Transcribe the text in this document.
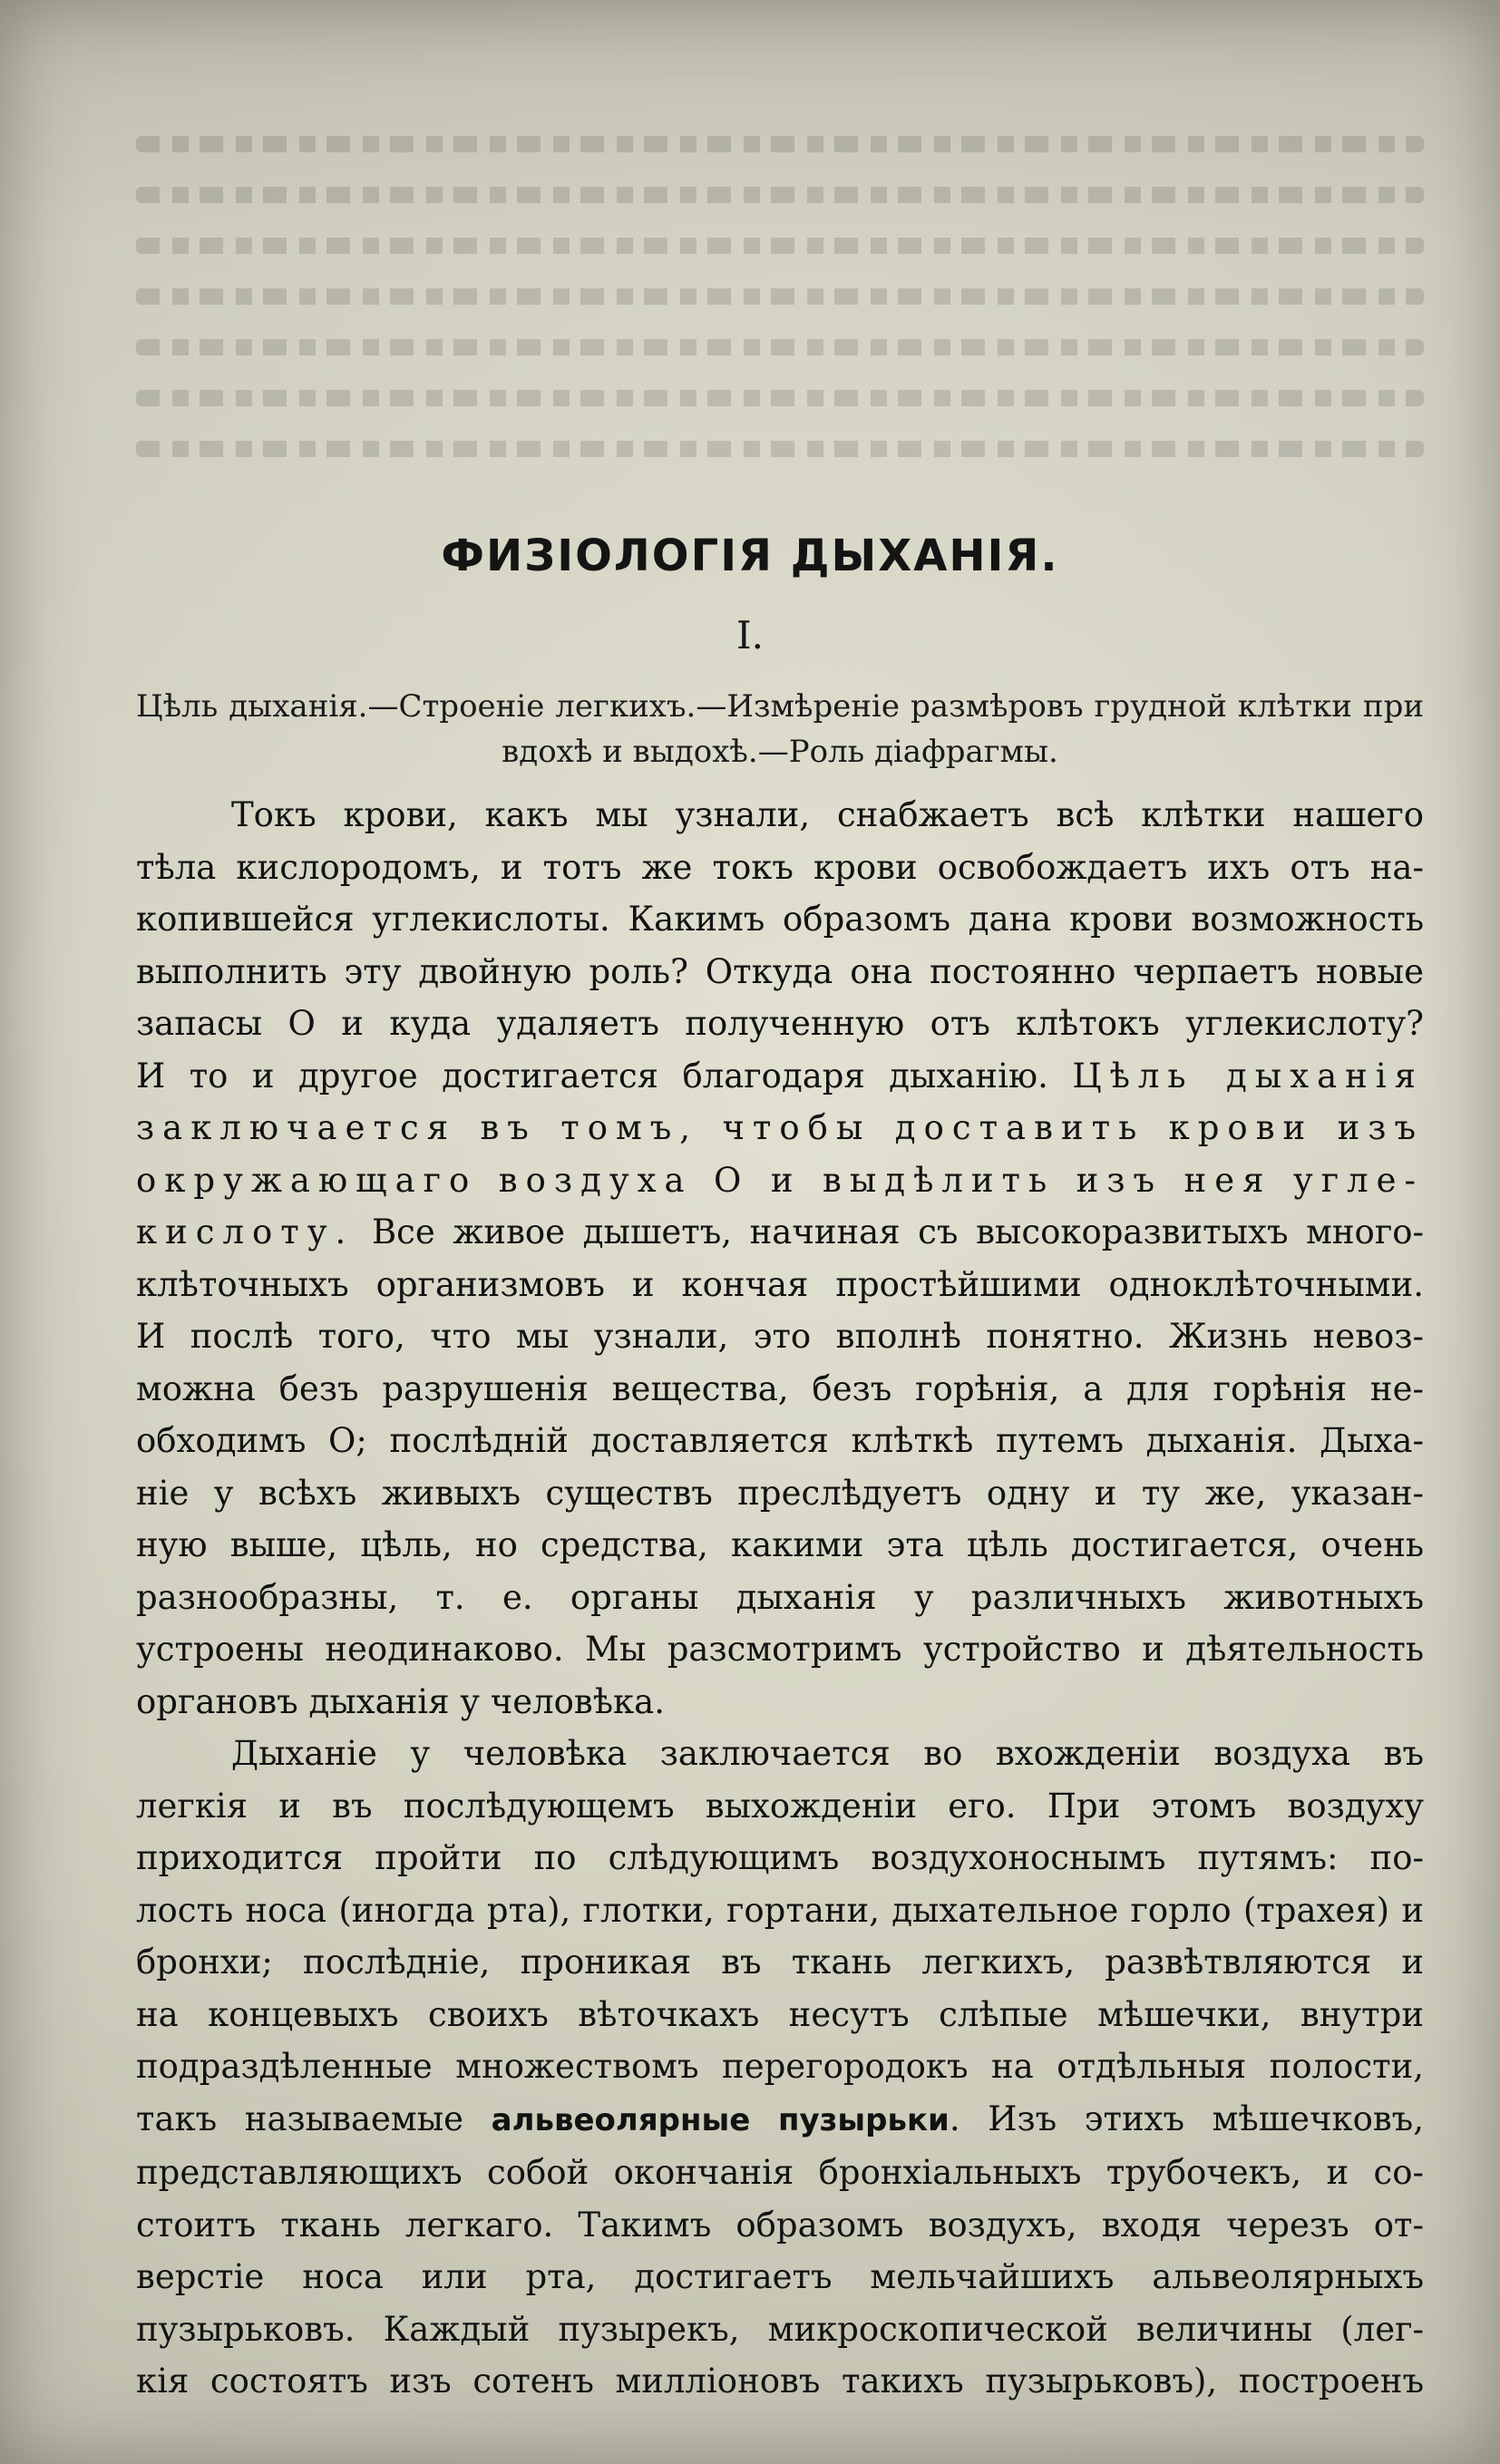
ФИЗІОЛОГІЯ ДЫХАНІЯ.
I.
Цѣль дыханія.—Строеніе легкихъ.—Измѣреніе размѣровъ грудной клѣтки при
вдохѣ и выдохѣ.—Роль діафрагмы.
Токъ крови, какъ мы узнали, снабжаетъ всѣ клѣтки нашего
тѣла кислородомъ, и тотъ же токъ крови освобождаетъ ихъ отъ на-
копившейся углекислоты. Какимъ образомъ дана крови возможность
выполнить эту двойную роль? Откуда она постоянно черпаетъ новые
запасы О и куда удаляетъ полученную отъ клѣтокъ углекислоту?
И то и другое достигается благодаря дыханію. Цѣль дыханія
заключается въ томъ, чтобы доставить крови изъ
окружающаго воздуха О и выдѣлить изъ нея угле-
кислоту. Все живое дышетъ, начиная съ высокоразвитыхъ много-
клѣточныхъ организмовъ и кончая простѣйшими одноклѣточными.
И послѣ того, что мы узнали, это вполнѣ понятно. Жизнь невоз-
можна безъ разрушенія вещества, безъ горѣнія, а для горѣнія не-
обходимъ О; послѣдній доставляется клѣткѣ путемъ дыханія. Дыха-
ніе у всѣхъ живыхъ существъ преслѣдуетъ одну и ту же, указан-
ную выше, цѣль, но средства, какими эта цѣль достигается, очень
разнообразны, т. е. органы дыханія у различныхъ животныхъ
устроены неодинаково. Мы разсмотримъ устройство и дѣятельность
органовъ дыханія у человѣка.
Дыханіе у человѣка заключается во вхожденіи воздуха въ
легкія и въ послѣдующемъ выхожденіи его. При этомъ воздуху
приходится пройти по слѣдующимъ воздухоноснымъ путямъ: по-
лость носа (иногда рта), глотки, гортани, дыхательное горло (трахея) и
бронхи; послѣдніе, проникая въ ткань легкихъ, развѣтвляются и
на концевыхъ своихъ вѣточкахъ несутъ слѣпые мѣшечки, внутри
подраздѣленные множествомъ перегородокъ на отдѣльныя полости,
такъ называемые альвеолярные пузырьки. Изъ этихъ мѣшечковъ,
представляющихъ собой окончанія бронхіальныхъ трубочекъ, и со-
стоитъ ткань легкаго. Такимъ образомъ воздухъ, входя черезъ от-
верстіе носа или рта, достигаетъ мельчайшихъ альвеолярныхъ
пузырьковъ. Каждый пузырекъ, микроскопической величины (лег-
кія состоятъ изъ сотенъ милліоновъ такихъ пузырьковъ), построенъ
